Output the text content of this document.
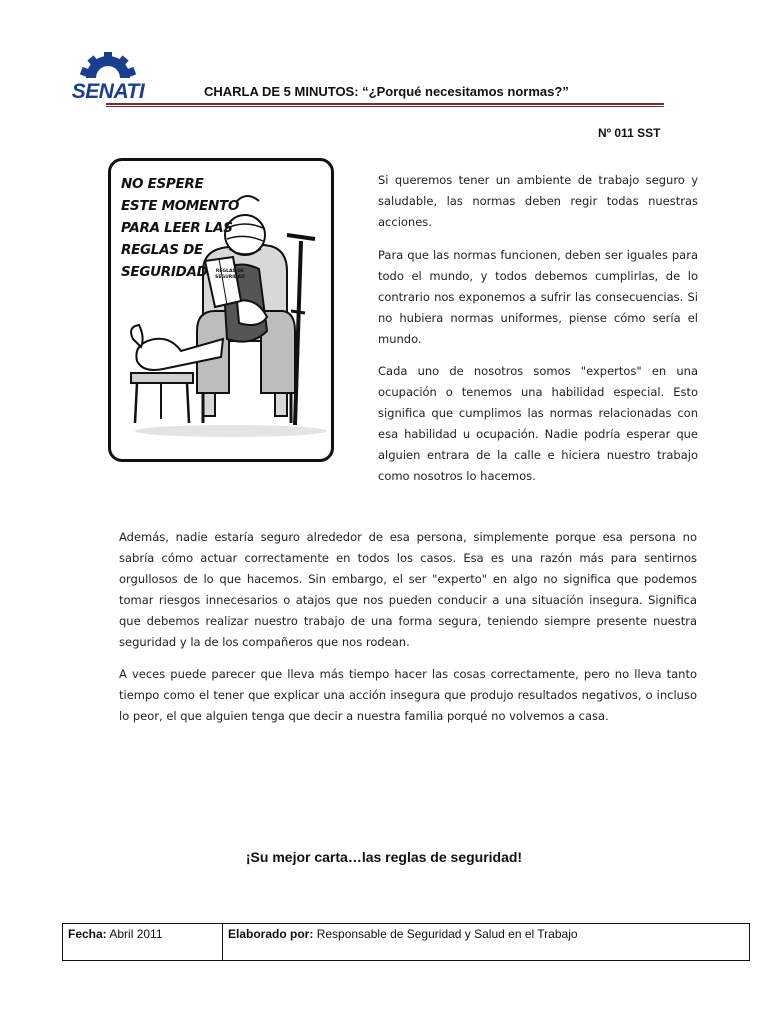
SENATI	CHARLA DE 5 MINUTOS: “¿Porqué necesitamos normas?”
Nº 011 SST
NO ESPERE ESTE MOMENTO PARA LEER LAS REGLAS DE SEGURIDAD	REGLAS DE SEGURIDAD

Si queremos tener un ambiente de trabajo seguro y saludable, las normas deben regir todas nuestras acciones.

Para que las normas funcionen, deben ser iguales para todo el mundo, y todos debemos cumplirlas, de lo contrario nos exponemos a sufrir las consecuencias. Si no hubiera normas uniformes, piense cómo sería el mundo.

Cada uno de nosotros somos "expertos" en una ocupación o tenemos una habilidad especial. Esto significa que cumplimos las normas relacionadas con esa habilidad u ocupación. Nadie podría esperar que alguien entrara de la calle e hiciera nuestro trabajo como nosotros lo hacemos.

Además, nadie estaría seguro alrededor de esa persona, simplemente porque esa persona no sabría cómo actuar correctamente en todos los casos. Esa es una razón más para sentirnos orgullosos de lo que hacemos. Sin embargo, el ser "experto" en algo no significa que podemos tomar riesgos innecesarios o atajos que nos pueden conducir a una situación insegura. Significa que debemos realizar nuestro trabajo de una forma segura, teniendo siempre presente nuestra seguridad y la de los compañeros que nos rodean.

A veces puede parecer que lleva más tiempo hacer las cosas correctamente, pero no lleva tanto tiempo como el tener que explicar una acción insegura que produjo resultados negativos, o incluso lo peor, el que alguien tenga que decir a nuestra familia porqué no volvemos a casa.

¡Su mejor carta…las reglas de seguridad!
Fecha: Abril 2011	Elaborado por: Responsable de Seguridad y Salud en el Trabajo
